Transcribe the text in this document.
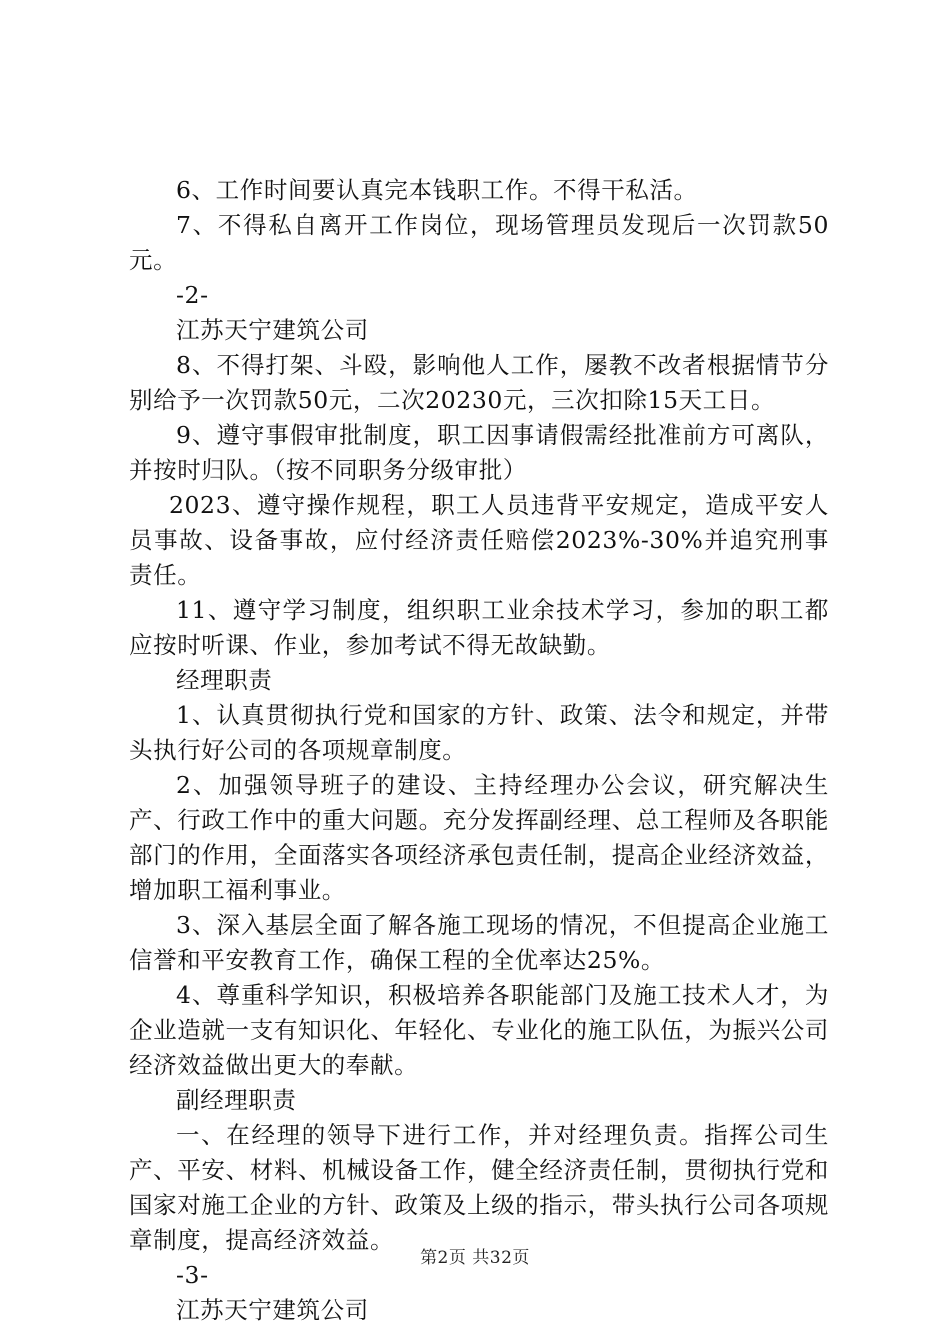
6、工作时间要认真完本钱职工作。不得干私活。

7、不得私自离开工作岗位，现场管理员发现后一次罚款50元。

-2-

江苏天宁建筑公司

8、不得打架、斗殴，影响他人工作，屡教不改者根据情节分别给予一次罚款50元，二次20230元，三次扣除15天工日。

9、遵守事假审批制度，职工因事请假需经批准前方可离队，并按时归队。（按不同职务分级审批）

2023、遵守操作规程，职工人员违背平安规定，造成平安人员事故、设备事故，应付经济责任赔偿2023%-30%并追究刑事责任。

11、遵守学习制度，组织职工业余技术学习，参加的职工都应按时听课、作业，参加考试不得无故缺勤。

经理职责

1、认真贯彻执行党和国家的方针、政策、法令和规定，并带头执行好公司的各项规章制度。

2、加强领导班子的建设、主持经理办公会议，研究解决生产、行政工作中的重大问题。充分发挥副经理、总工程师及各职能部门的作用，全面落实各项经济承包责任制，提高企业经济效益，增加职工福利事业。

3、深入基层全面了解各施工现场的情况，不但提高企业施工信誉和平安教育工作，确保工程的全优率达25%。

4、尊重科学知识，积极培养各职能部门及施工技术人才，为企业造就一支有知识化、年轻化、专业化的施工队伍，为振兴公司经济效益做出更大的奉献。

副经理职责

一、在经理的领导下进行工作，并对经理负责。指挥公司生产、平安、材料、机械设备工作，健全经济责任制，贯彻执行党和国家对施工企业的方针、政策及上级的指示，带头执行公司各项规章制度，提高经济效益。

-3-

江苏天宁建筑公司

第2页 共32页
